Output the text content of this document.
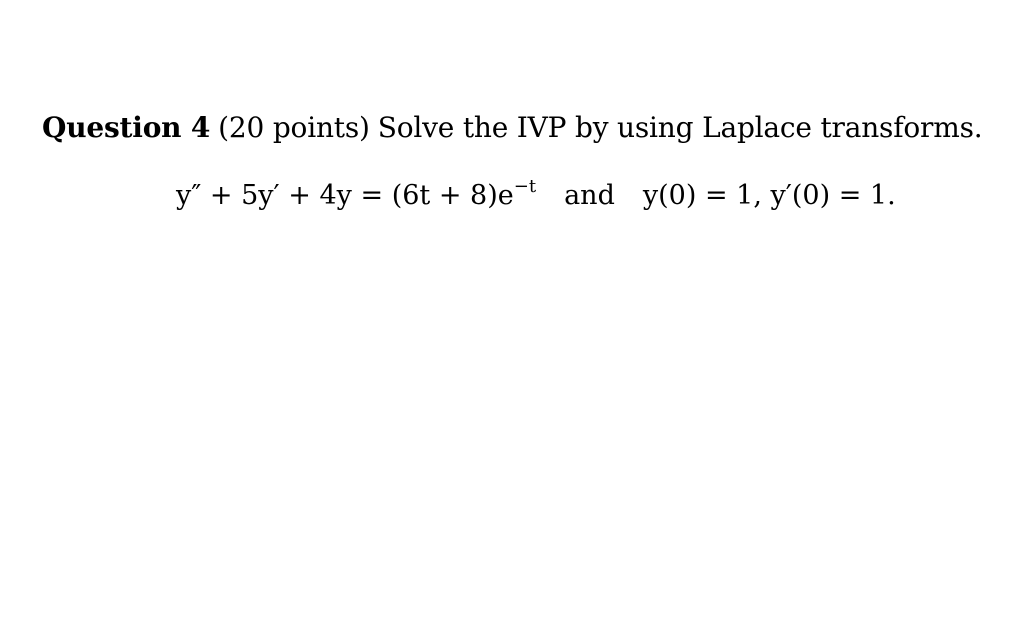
Question 4 (20 points) Solve the IVP by using Laplace transforms.
$y'' + 5y' + 4y = (6t + 8)e^{-t}$ and y(0) = 1, y′(0) = 1.
